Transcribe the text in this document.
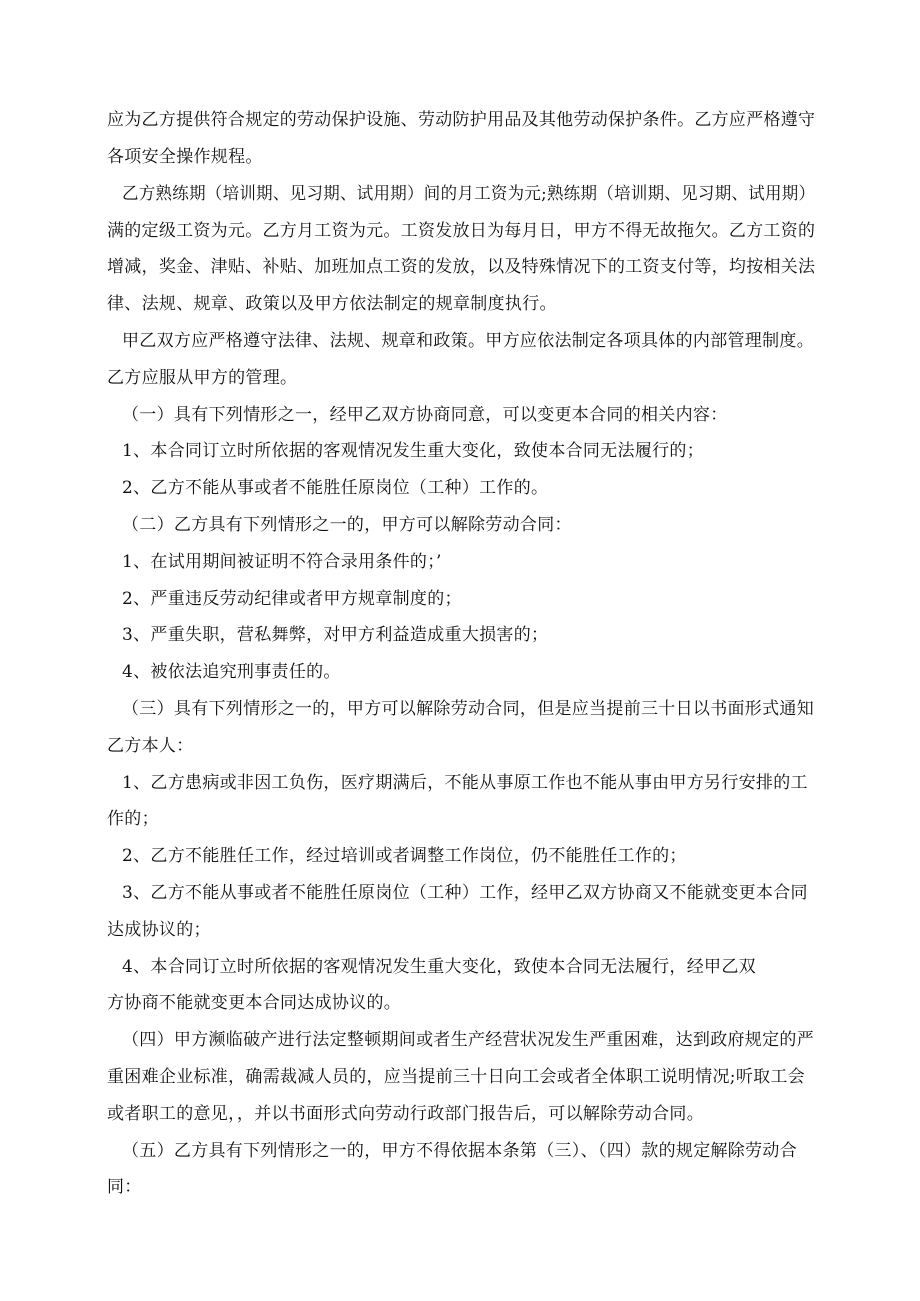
应为乙方提供符合规定的劳动保护设施、劳动防护用品及其他劳动保护条件。乙方应严格遵守
各项安全操作规程。
乙方熟练期（培训期、见习期、试用期）间的月工资为元;熟练期（培训期、见习期、试用期）
满的定级工资为元。乙方月工资为元。工资发放日为每月日，甲方不得无故拖欠。乙方工资的
增减，奖金、津贴、补贴、加班加点工资的发放，以及特殊情况下的工资支付等，均按相关法
律、法规、规章、政策以及甲方依法制定的规章制度执行。
甲乙双方应严格遵守法律、法规、规章和政策。甲方应依法制定各项具体的内部管理制度。
乙方应服从甲方的管理。
（一）具有下列情形之一，经甲乙双方协商同意，可以变更本合同的相关内容：
1、本合同订立时所依据的客观情况发生重大变化，致使本合同无法履行的；
2、乙方不能从事或者不能胜任原岗位（工种）工作的。
（二）乙方具有下列情形之一的，甲方可以解除劳动合同：
1、在试用期间被证明不符合录用条件的；’
2、严重违反劳动纪律或者甲方规章制度的；
3、严重失职，营私舞弊，对甲方利益造成重大损害的；
4、被依法追究刑事责任的。
（三）具有下列情形之一的，甲方可以解除劳动合同，但是应当提前三十日以书面形式通知
乙方本人：
1、乙方患病或非因工负伤，医疗期满后，不能从事原工作也不能从事由甲方另行安排的工
作的；
2、乙方不能胜任工作，经过培训或者调整工作岗位，仍不能胜任工作的；
3、乙方不能从事或者不能胜任原岗位（工种）工作，经甲乙双方协商又不能就变更本合同
达成协议的；
4、本合同订立时所依据的客观情况发生重大变化，致使本合同无法履行，经甲乙双
方协商不能就变更本合同达成协议的。
（四）甲方濒临破产进行法定整顿期间或者生产经营状况发生严重困难，达到政府规定的严
重困难企业标准，确需裁减人员的，应当提前三十日向工会或者全体职工说明情况;听取工会
或者职工的意见，，并以书面形式向劳动行政部门报告后，可以解除劳动合同。
（五）乙方具有下列情形之一的，甲方不得依据本条第（三）、（四）款的规定解除劳动合
同：
